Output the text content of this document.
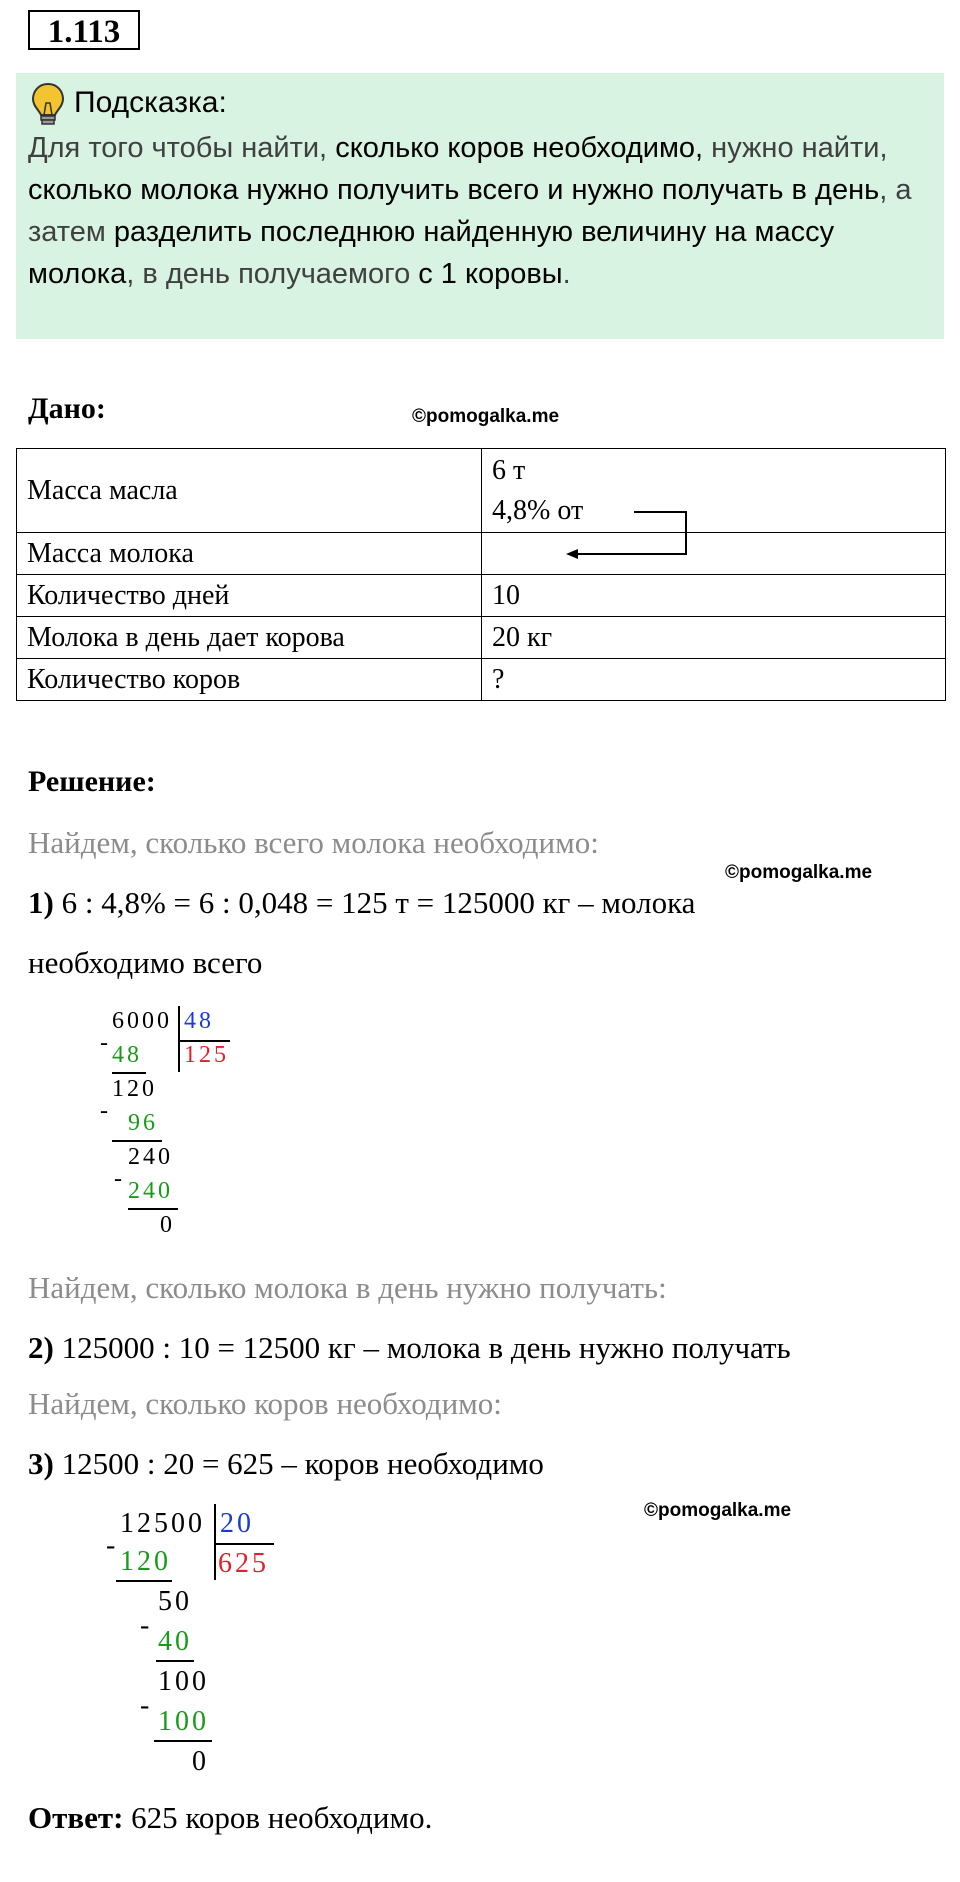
1.113
Подсказка:
Для того чтобы найти, сколько коров необходимо, нужно найти, сколько молока нужно получить всего и нужно получать в день, а затем разделить последнюю найденную величину на массу молока, в день получаемого с 1 коровы.
Дано:	©pomogalka.me
Масса масла	6 т
4,8% от

Масса молока	
Количество дней	10
Молока в день дает корова	20 кг
Количество коров	?
Решение:
Найдем, сколько всего молока необходимо:
©pomogalka.me
1) 6 : 4,8% = 6 : 0,048 = 125 т = 125000 кг – молока
необходимо всего
6000 48
125
- 48
120
- 96
240
- 240
0
Найдем, сколько молока в день нужно получать:
2) 125000 : 10 = 12500 кг – молока в день нужно получать
Найдем, сколько коров необходимо:
3) 12500 : 20 = 625 – коров необходимо
©pomogalka.me
12500 20
625
-
120
50
-
40
100
-
100
0
Ответ: 625 коров необходимо.
